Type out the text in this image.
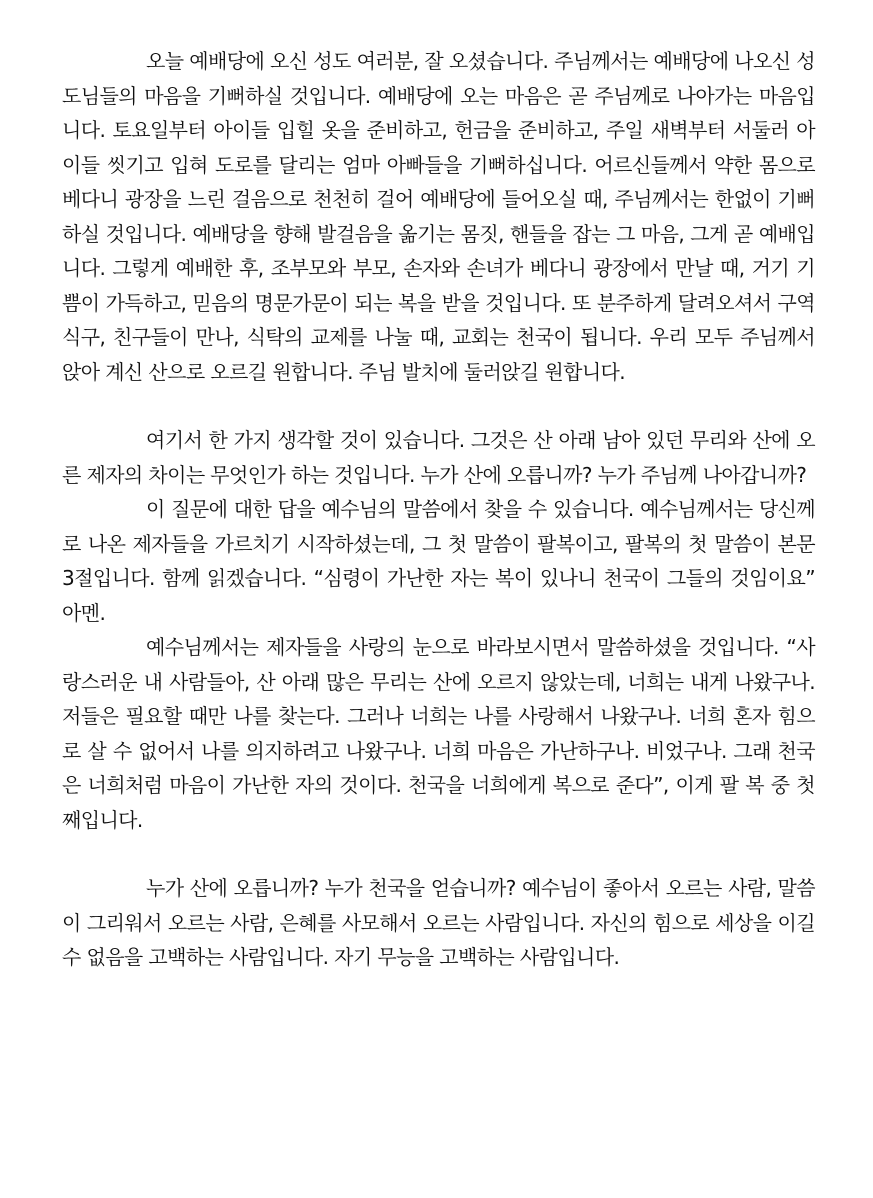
오늘 예배당에 오신 성도 여러분, 잘 오셨습니다. 주님께서는 예배당에 나오신 성도님들의 마음을 기뻐하실 것입니다. 예배당에 오는 마음은 곧 주님께로 나아가는 마음입니다. 토요일부터 아이들 입힐 옷을 준비하고, 헌금을 준비하고, 주일 새벽부터 서둘러 아이들 씻기고 입혀 도로를 달리는 엄마 아빠들을 기뻐하십니다. 어르신들께서 약한 몸으로 베다니 광장을 느린 걸음으로 천천히 걸어 예배당에 들어오실 때, 주님께서는 한없이 기뻐하실 것입니다. 예배당을 향해 발걸음을 옮기는 몸짓, 핸들을 잡는 그 마음, 그게 곧 예배입니다. 그렇게 예배한 후, 조부모와 부모, 손자와 손녀가 베다니 광장에서 만날 때, 거기 기쁨이 가득하고, 믿음의 명문가문이 되는 복을 받을 것입니다. 또 분주하게 달려오셔서 구역 식구, 친구들이 만나, 식탁의 교제를 나눌 때, 교회는 천국이 됩니다. 우리 모두 주님께서 앉아 계신 산으로 오르길 원합니다. 주님 발치에 둘러앉길 원합니다.

여기서 한 가지 생각할 것이 있습니다. 그것은 산 아래 남아 있던 무리와 산에 오른 제자의 차이는 무엇인가 하는 것입니다. 누가 산에 오릅니까? 누가 주님께 나아갑니까?

이 질문에 대한 답을 예수님의 말씀에서 찾을 수 있습니다. 예수님께서는 당신께로 나온 제자들을 가르치기 시작하셨는데, 그 첫 말씀이 팔복이고, 팔복의 첫 말씀이 본문 3절입니다. 함께 읽겠습니다. “심령이 가난한 자는 복이 있나니 천국이 그들의 것임이요” 아멘.

예수님께서는 제자들을 사랑의 눈으로 바라보시면서 말씀하셨을 것입니다. “사랑스러운 내 사람들아, 산 아래 많은 무리는 산에 오르지 않았는데, 너희는 내게 나왔구나. 저들은 필요할 때만 나를 찾는다. 그러나 너희는 나를 사랑해서 나왔구나. 너희 혼자 힘으로 살 수 없어서 나를 의지하려고 나왔구나. 너희 마음은 가난하구나. 비었구나. 그래 천국은 너희처럼 마음이 가난한 자의 것이다. 천국을 너희에게 복으로 준다”, 이게 팔 복 중 첫째입니다.

누가 산에 오릅니까? 누가 천국을 얻습니까? 예수님이 좋아서 오르는 사람, 말씀이 그리워서 오르는 사람, 은혜를 사모해서 오르는 사람입니다. 자신의 힘으로 세상을 이길 수 없음을 고백하는 사람입니다. 자기 무능을 고백하는 사람입니다.
